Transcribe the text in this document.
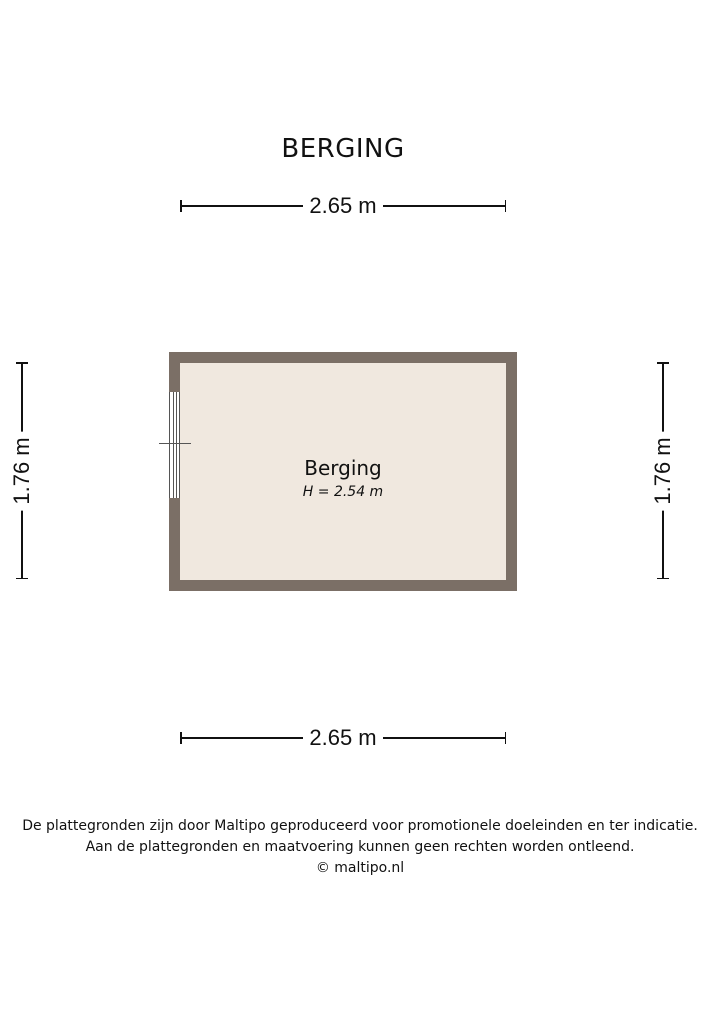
BERGING
2.65 m
1.76 m	1.76 m
Berging
H = 2.54 m
2.65 m
De plattegronden zijn door Maltipo geproduceerd voor promotionele doeleinden en ter indicatie.
Aan de plattegronden en maatvoering kunnen geen rechten worden ontleend.
© maltipo.nl
